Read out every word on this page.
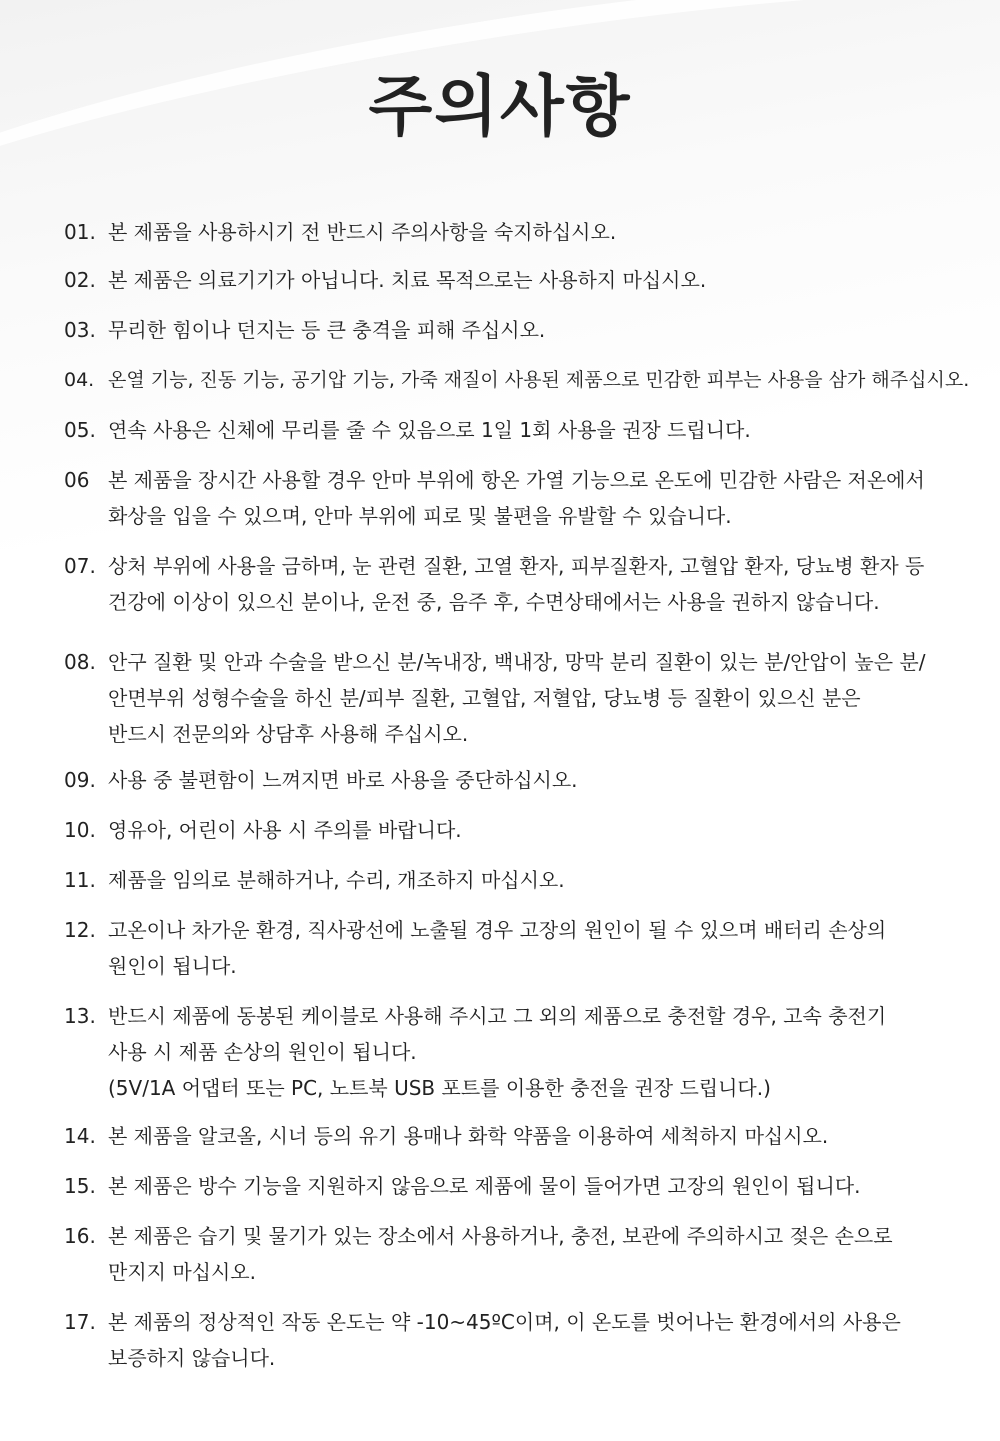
주의사항
01. 본 제품을 사용하시기 전 반드시 주의사항을 숙지하십시오.
02. 본 제품은 의료기기가 아닙니다. 치료 목적으로는 사용하지 마십시오.
03. 무리한 힘이나 던지는 등 큰 충격을 피해 주십시오.
04. 온열 기능, 진동 기능, 공기압 기능, 가죽 재질이 사용된 제품으로 민감한 피부는 사용을 삼가 해주십시오.
05. 연속 사용은 신체에 무리를 줄 수 있음으로 1일 1회 사용을 권장 드립니다.
06 본 제품을 장시간 사용할 경우 안마 부위에 항온 가열 기능으로 온도에 민감한 사람은 저온에서
화상을 입을 수 있으며, 안마 부위에 피로 및 불편을 유발할 수 있습니다.
07. 상처 부위에 사용을 금하며, 눈 관련 질환, 고열 환자, 피부질환자, 고혈압 환자, 당뇨병 환자 등
건강에 이상이 있으신 분이나, 운전 중, 음주 후, 수면상태에서는 사용을 권하지 않습니다.
08. 안구 질환 및 안과 수술을 받으신 분/녹내장, 백내장, 망막 분리 질환이 있는 분/안압이 높은 분/
안면부위 성형수술을 하신 분/피부 질환, 고혈압, 저혈압, 당뇨병 등 질환이 있으신 분은
반드시 전문의와 상담후 사용해 주십시오.
09. 사용 중 불편함이 느껴지면 바로 사용을 중단하십시오.
10. 영유아, 어린이 사용 시 주의를 바랍니다.
11. 제품을 임의로 분해하거나, 수리, 개조하지 마십시오.
12. 고온이나 차가운 환경, 직사광선에 노출될 경우 고장의 원인이 될 수 있으며 배터리 손상의
원인이 됩니다.
13. 반드시 제품에 동봉된 케이블로 사용해 주시고 그 외의 제품으로 충전할 경우, 고속 충전기
사용 시 제품 손상의 원인이 됩니다.
(5V/1A 어댑터 또는 PC, 노트북 USB 포트를 이용한 충전을 권장 드립니다.)
14. 본 제품을 알코올, 시너 등의 유기 용매나 화학 약품을 이용하여 세척하지 마십시오.
15. 본 제품은 방수 기능을 지원하지 않음으로 제품에 물이 들어가면 고장의 원인이 됩니다.
16. 본 제품은 습기 및 물기가 있는 장소에서 사용하거나, 충전, 보관에 주의하시고 젖은 손으로
만지지 마십시오.
17. 본 제품의 정상적인 작동 온도는 약 -10~45ºC이며, 이 온도를 벗어나는 환경에서의 사용은
보증하지 않습니다.
